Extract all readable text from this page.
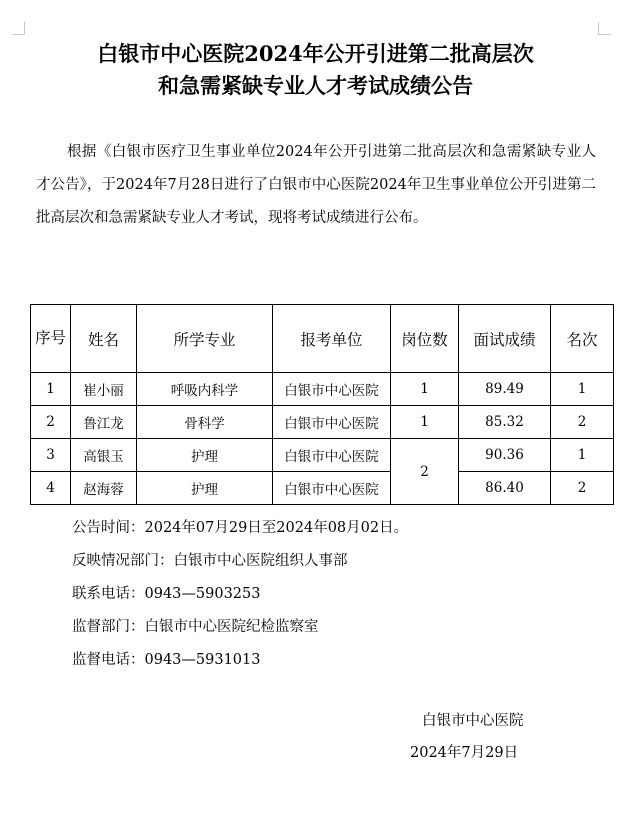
白银市中心医院2024年公开引进第二批高层次
和急需紧缺专业人才考试成绩公告
根据《白银市医疗卫生事业单位2024年公开引进第二批高层次和急需紧缺专业人才公告》，于2024年7月28日进行了白银市中心医院2024年卫生事业单位公开引进第二批高层次和急需紧缺专业人才考试，现将考试成绩进行公布。
序号	姓名	所学专业	报考单位	岗位数	面试成绩	名次
1	崔小丽	呼吸内科学	白银市中心医院	1	89.49	1
2	鲁江龙	骨科学	白银市中心医院	1	85.32	2
3	高银玉	护理	白银市中心医院	2	90.36	1
4	赵海蓉	护理	白银市中心医院		86.40	2
公告时间：2024年07月29日至2024年08月02日。
反映情况部门：白银市中心医院组织人事部
联系电话：0943—5903253
监督部门：白银市中心医院纪检监察室
监督电话：0943—5931013
白银市中心医院
2024年7月29日
